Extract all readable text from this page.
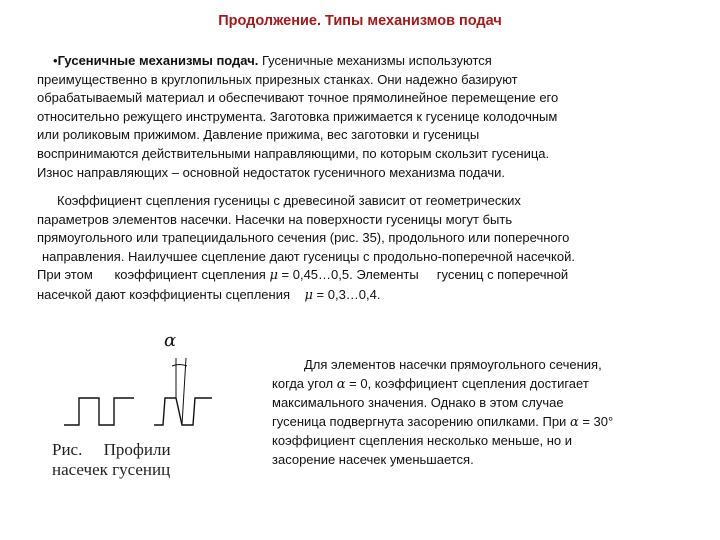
Продолжение. Типы механизмов подач
•Гусеничные механизмы подач. Гусеничные механизмы используются
преимущественно в круглопильных прирезных станках. Они надежно базируют
обрабатываемый материал и обеспечивают точное прямолинейное перемещение его
относительно режущего инструмента. Заготовка прижимается к гусенице колодочным
или роликовым прижимом. Давление прижима, вес заготовки и гусеницы
воспринимаются действительными направляющими, по которым скользит гусеница.
Износ направляющих – основной недостаток гусеничного механизма подачи.
Коэффициент сцепления гусеницы с древесиной зависит от геометрических
параметров элементов насечки. Насечки на поверхности гусеницы могут быть
прямоугольного или трапециидального сечения (рис. 35), продольного или поперечного
направления. Наилучшее сцепление дают гусеницы с продольно-поперечной насечкой.
При этом      коэффициент сцепления μ = 0,45…0,5. Элементы     гусениц с поперечной
насечкой дают коэффициенты сцепления    μ = 0,3…0,4.
Для элементов насечки прямоугольного сечения,
когда угол α = 0, коэффициент сцепления достигает
максимального значения. Однако в этом случае
гусеница подвергнута засорению опилками. При α = 30°
коэффициент сцепления несколько меньше, но и
засорение насечек уменьшается.
α
Рис.     Профили
насечек гусениц
